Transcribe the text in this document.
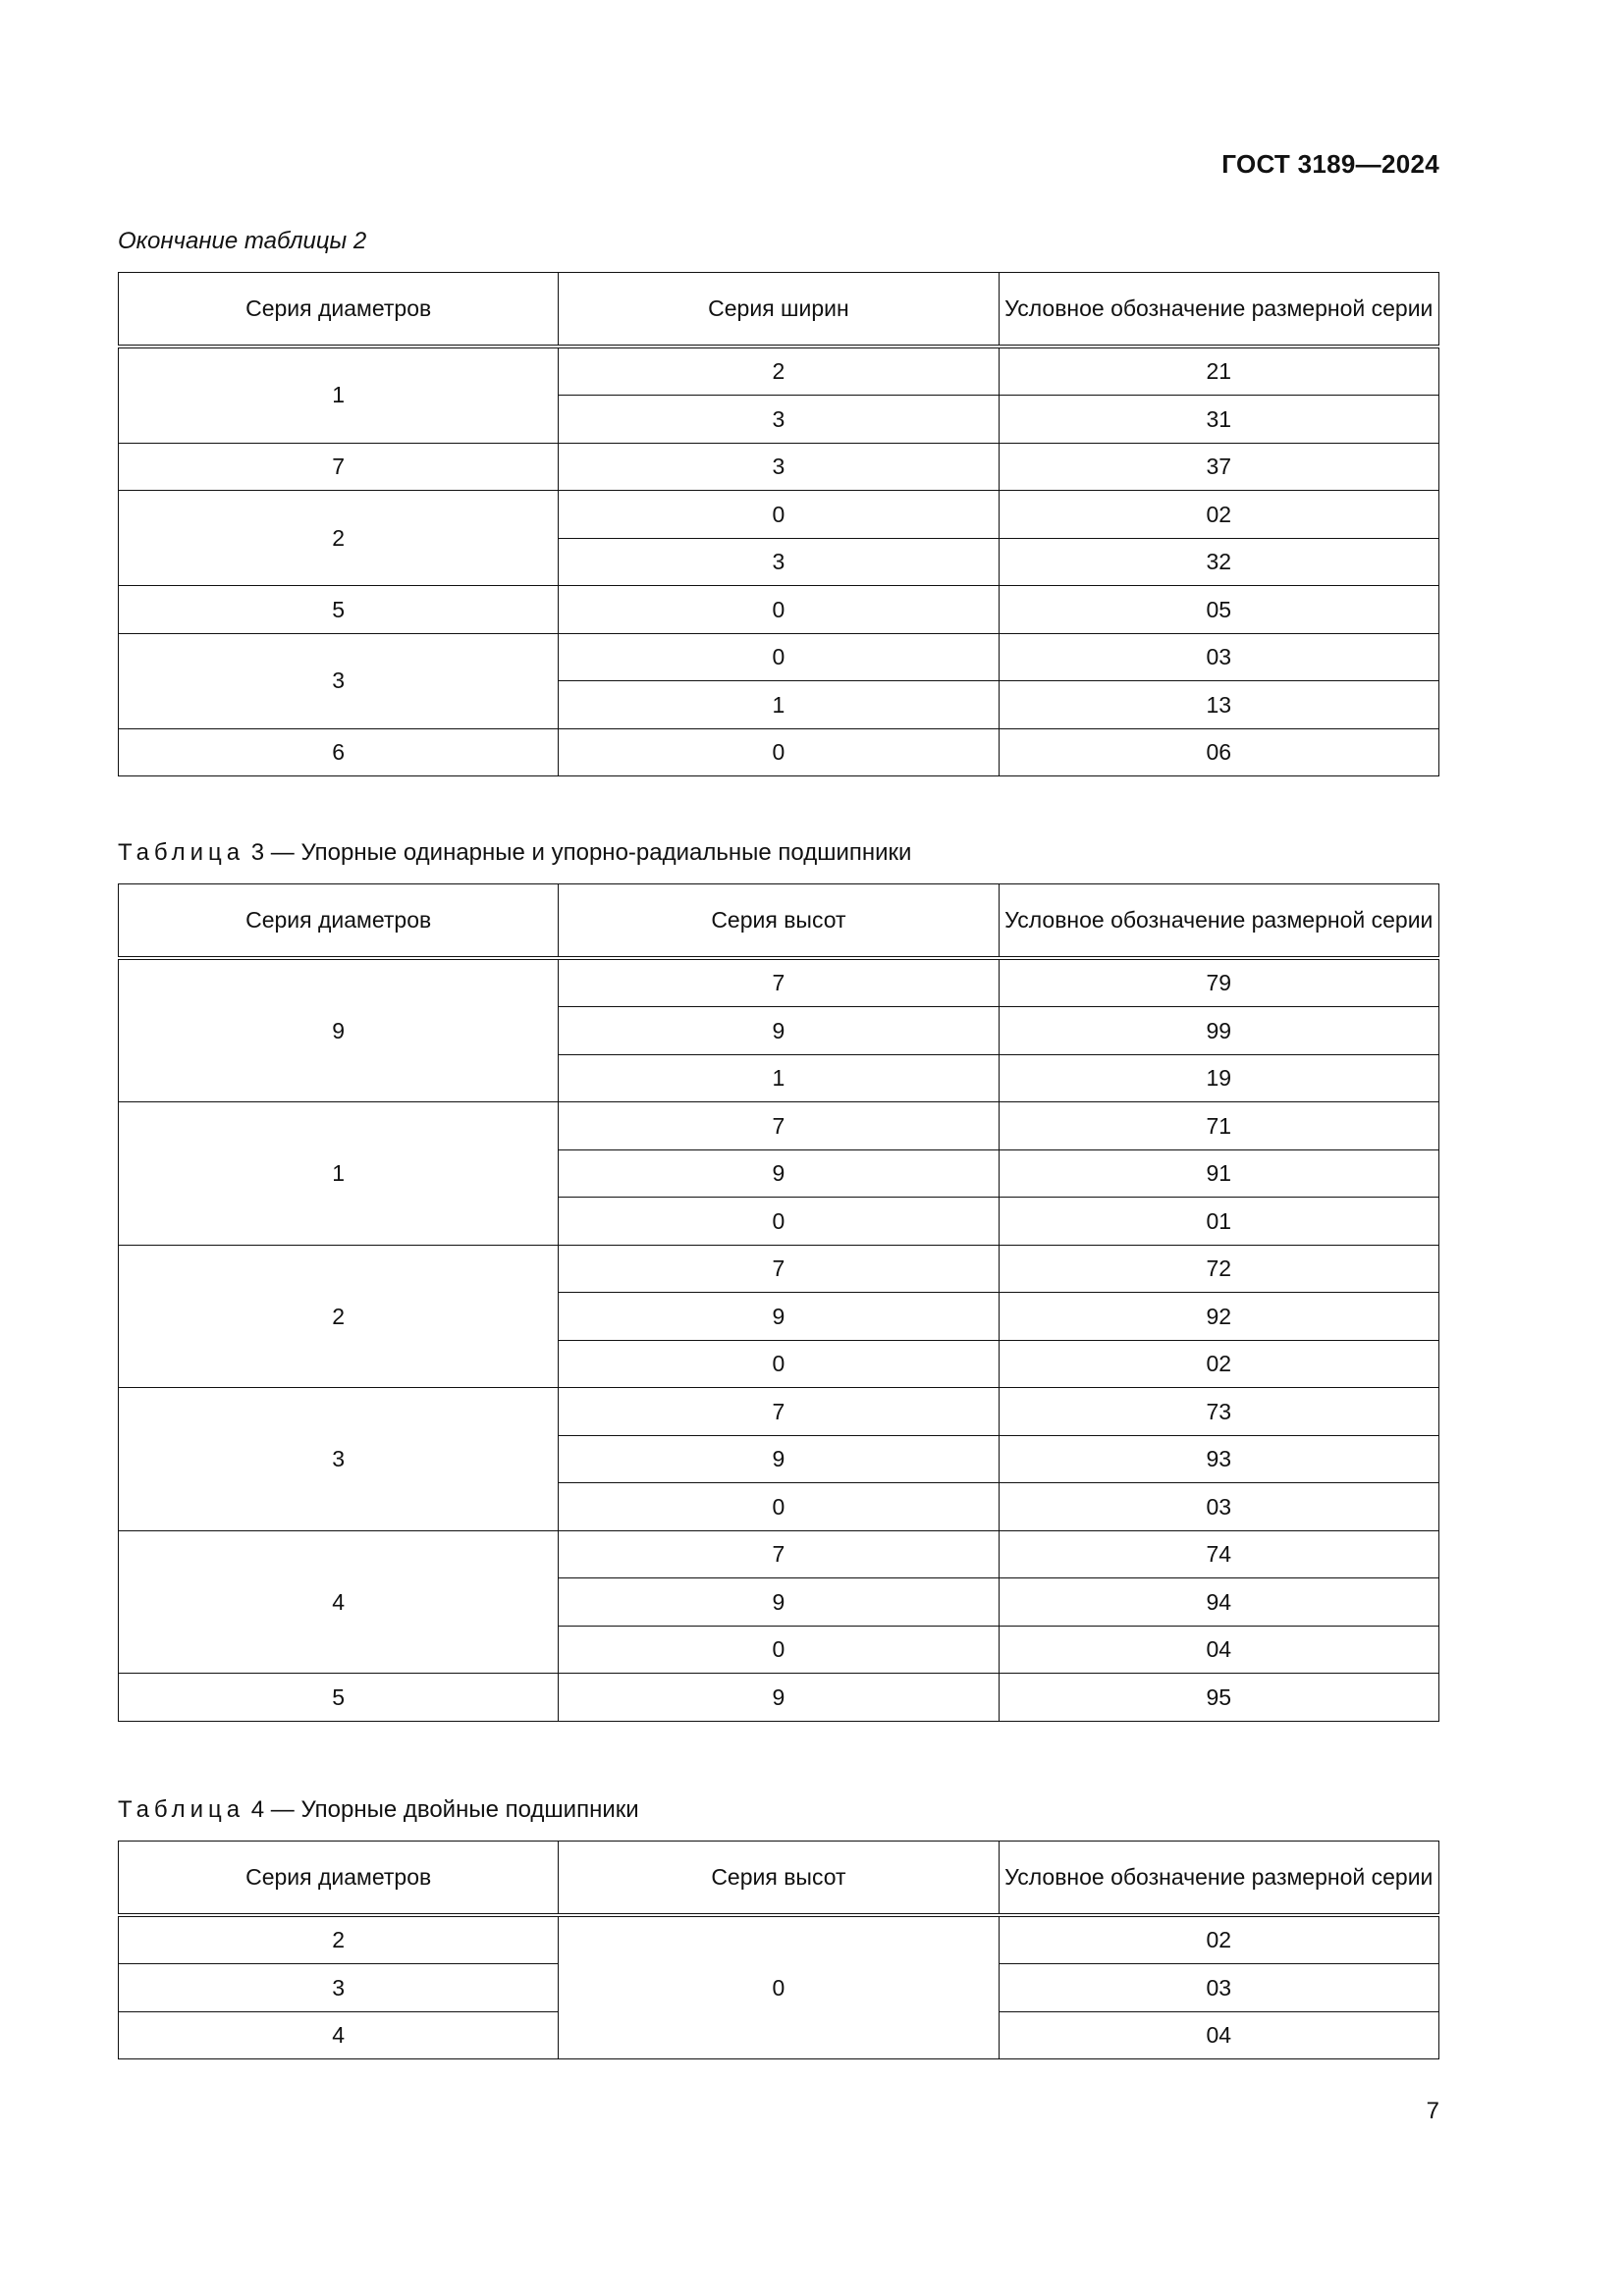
ГОСТ 3189—2024
Окончание таблицы 2
Серия диаметров	Серия ширин	Условное обозначение размерной серии
1	2	21
	3	31
7	3	37
2	0	02
	3	32
5	0	05
3	0	03
	1	13
6	0	06
Таблица 3 — Упорные одинарные и упорно-радиальные подшипники
Серия диаметров	Серия высот	Условное обозначение размерной серии
9	7	79
	9	99
	1	19
1	7	71
	9	91
	0	01
2	7	72
	9	92
	0	02
3	7	73
	9	93
	0	03
4	7	74
	9	94
	0	04
5	9	95
Таблица 4 — Упорные двойные подшипники
Серия диаметров	Серия высот	Условное обозначение размерной серии
2	0	02
3		03
4		04
7
